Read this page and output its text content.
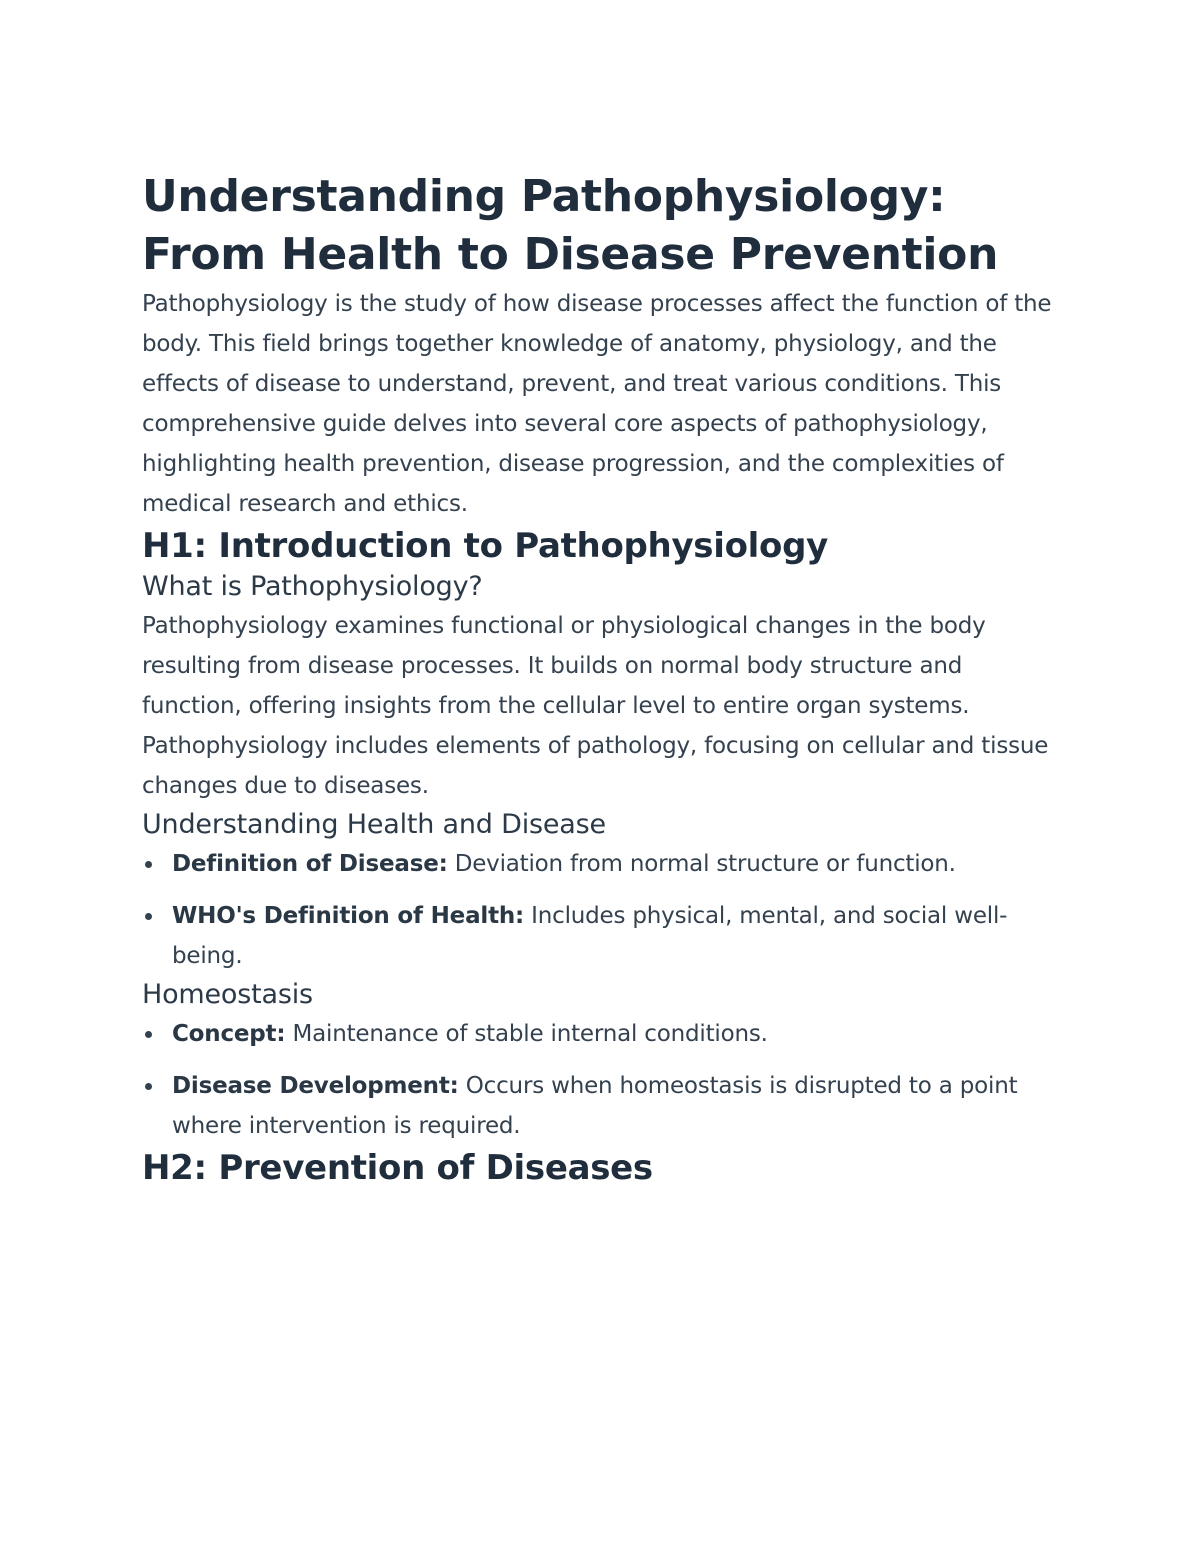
Understanding Pathophysiology: From Health to Disease Prevention

Pathophysiology is the study of how disease processes affect the function of the body. This field brings together knowledge of anatomy, physiology, and the effects of disease to understand, prevent, and treat various conditions. This comprehensive guide delves into several core aspects of pathophysiology, highlighting health prevention, disease progression, and the complexities of medical research and ethics.

H1: Introduction to Pathophysiology
What is Pathophysiology?

Pathophysiology examines functional or physiological changes in the body resulting from disease processes. It builds on normal body structure and function, offering insights from the cellular level to entire organ systems. Pathophysiology includes elements of pathology, focusing on cellular and tissue changes due to diseases.

Understanding Health and Disease
Definition of Disease: Deviation from normal structure or function.
WHO's Definition of Health: Includes physical, mental, and social well-being.
Homeostasis
Concept: Maintenance of stable internal conditions.
Disease Development: Occurs when homeostasis is disrupted to a point where intervention is required.
H2: Prevention of Diseases
